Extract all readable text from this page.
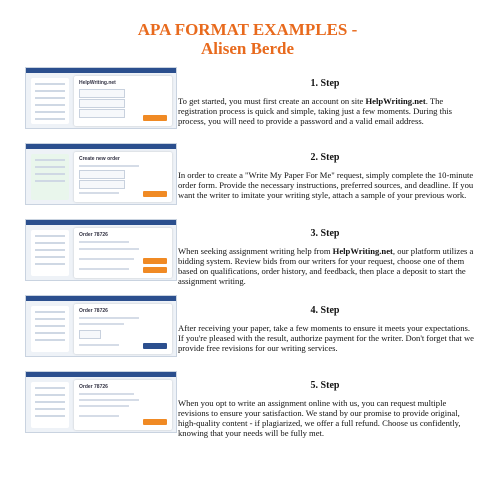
APA FORMAT EXAMPLES -
Alisen Berde
HelpWriting.net
Create new order
Order 78726
Order 78726
Order 78726
1. Step
To get started, you must first create an account on site HelpWriting.net. The registration process is quick and simple, taking just a few moments. During this process, you will need to provide a password and a valid email address.
2. Step
In order to create a "Write My Paper For Me" request, simply complete the 10-minute order form. Provide the necessary instructions, preferred sources, and deadline. If you want the writer to imitate your writing style, attach a sample of your previous work.
3. Step
When seeking assignment writing help from HelpWriting.net, our platform utilizes a bidding system. Review bids from our writers for your request, choose one of them based on qualifications, order history, and feedback, then place a deposit to start the assignment writing.
4. Step
After receiving your paper, take a few moments to ensure it meets your expectations. If you're pleased with the result, authorize payment for the writer. Don't forget that we provide free revisions for our writing services.
5. Step
When you opt to write an assignment online with us, you can request multiple revisions to ensure your satisfaction. We stand by our promise to provide original, high-quality content - if plagiarized, we offer a full refund. Choose us confidently, knowing that your needs will be fully met.
